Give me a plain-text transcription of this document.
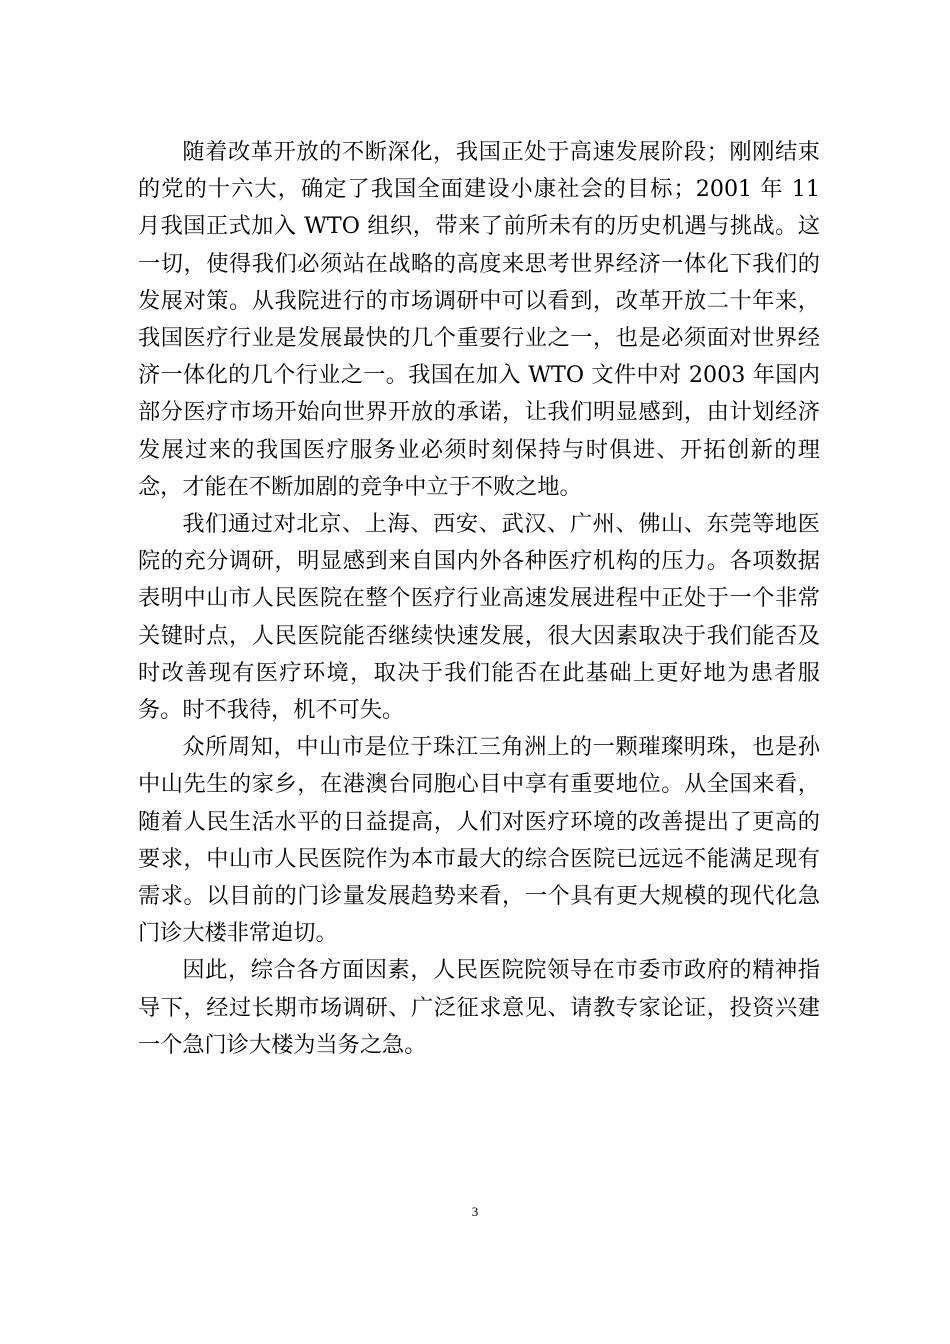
随着改革开放的不断深化，我国正处于高速发展阶段；刚刚结束的党的十六大，确定了我国全面建设小康社会的目标；2001 年 11 月我国正式加入 WTO 组织，带来了前所未有的历史机遇与挑战。这一切，使得我们必须站在战略的高度来思考世界经济一体化下我们的发展对策。从我院进行的市场调研中可以看到，改革开放二十年来，我国医疗行业是发展最快的几个重要行业之一，也是必须面对世界经济一体化的几个行业之一。我国在加入 WTO 文件中对 2003 年国内部分医疗市场开始向世界开放的承诺，让我们明显感到，由计划经济发展过来的我国医疗服务业必须时刻保持与时俱进、开拓创新的理念，才能在不断加剧的竞争中立于不败之地。

我们通过对北京、上海、西安、武汉、广州、佛山、东莞等地医院的充分调研，明显感到来自国内外各种医疗机构的压力。各项数据表明中山市人民医院在整个医疗行业高速发展进程中正处于一个非常关键时点，人民医院能否继续快速发展，很大因素取决于我们能否及时改善现有医疗环境，取决于我们能否在此基础上更好地为患者服务。时不我待，机不可失。

众所周知，中山市是位于珠江三角洲上的一颗璀璨明珠，也是孙中山先生的家乡，在港澳台同胞心目中享有重要地位。从全国来看，随着人民生活水平的日益提高，人们对医疗环境的改善提出了更高的要求，中山市人民医院作为本市最大的综合医院已远远不能满足现有需求。以目前的门诊量发展趋势来看，一个具有更大规模的现代化急门诊大楼非常迫切。

因此，综合各方面因素，人民医院院领导在市委市政府的精神指导下，经过长期市场调研、广泛征求意见、请教专家论证，投资兴建一个急门诊大楼为当务之急。

3
